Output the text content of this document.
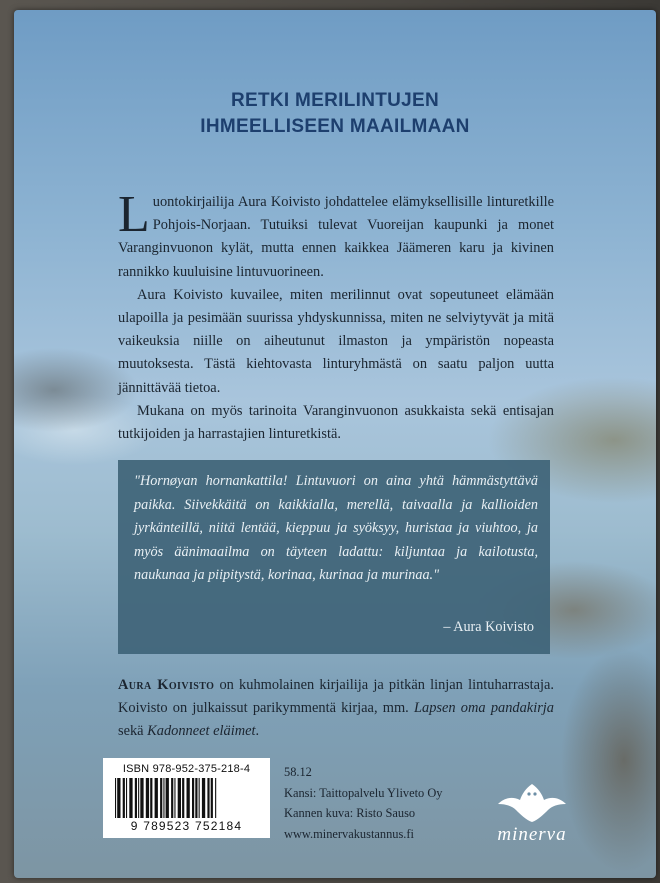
RETKI MERILINTUJEN
IHMEELLISEEN MAAILMAAN

Luontokirjailija Aura Koivisto johdattelee elämyksellisille linturetkille Pohjois-Norjaan. Tutuiksi tulevat Vuoreijan kaupunki ja monet Varanginvuonon kylät, mutta ennen kaikkea Jäämeren karu ja kivinen rannikko kuuluisine lintuvuorineen.

Aura Koivisto kuvailee, miten merilinnut ovat sopeutuneet elämään ulapoilla ja pesimään suurissa yhdyskunnissa, miten ne selviytyvät ja mitä vaikeuksia niille on aiheutunut ilmaston ja ympäristön nopeasta muutoksesta. Tästä kiehtovasta linturyhmästä on saatu paljon uutta jännittävää tietoa.

Mukana on myös tarinoita Varanginvuonon asukkaista sekä entisajan tutkijoiden ja harrastajien linturetkistä.

"Hornøyan hornankattila! Lintuvuori on aina yhtä hämmästyttävä paikka. Siivekkäitä on kaikkialla, merellä, taivaalla ja kallioiden jyrkänteillä, niitä lentää, kieppuu ja syöksyy, huristaa ja viuhtoo, ja myös äänimaailma on täyteen ladattu: kiljuntaa ja kailotusta, naukunaa ja piipitystä, korinaa, kurinaa ja murinaa."
– Aura Koivisto
Aura Koivisto on kuhmolainen kirjailija ja pitkän linjan lintuharrastaja. Koivisto on julkaissut parikymmentä kirjaa, mm. Lapsen oma pandakirja sekä Kadonneet eläimet.
ISBN 978-952-375-218-4
9 789523 752184
58.12
Kansi: Taittopalvelu Yliveto Oy
Kannen kuva: Risto Sauso
www.minervakustannus.fi	minerva
